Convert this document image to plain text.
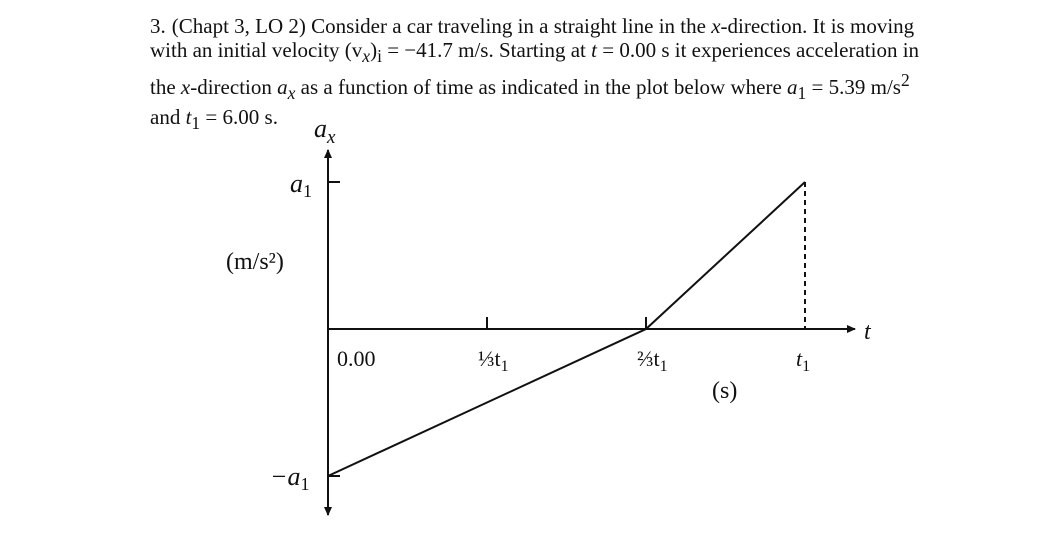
3. (Chapt 3, LO 2) Consider a car traveling in a straight line in the x-direction. It is moving with an initial velocity $(v_x)_i = -41.7$ m/s. Starting at t = 0.00 s it experiences acceleration in the x-direction $a_x$ as a function of time as indicated in the plot below where $a_1 = 5.39$ $m/s^2$ and $t_1 = 6.00$ s.	$a_x$
(m/s²)
t
(s)
a1
−a1
0.00	$\frac{1}{3}t_1$	$\frac{2}{3}t_1$	$t_1$
